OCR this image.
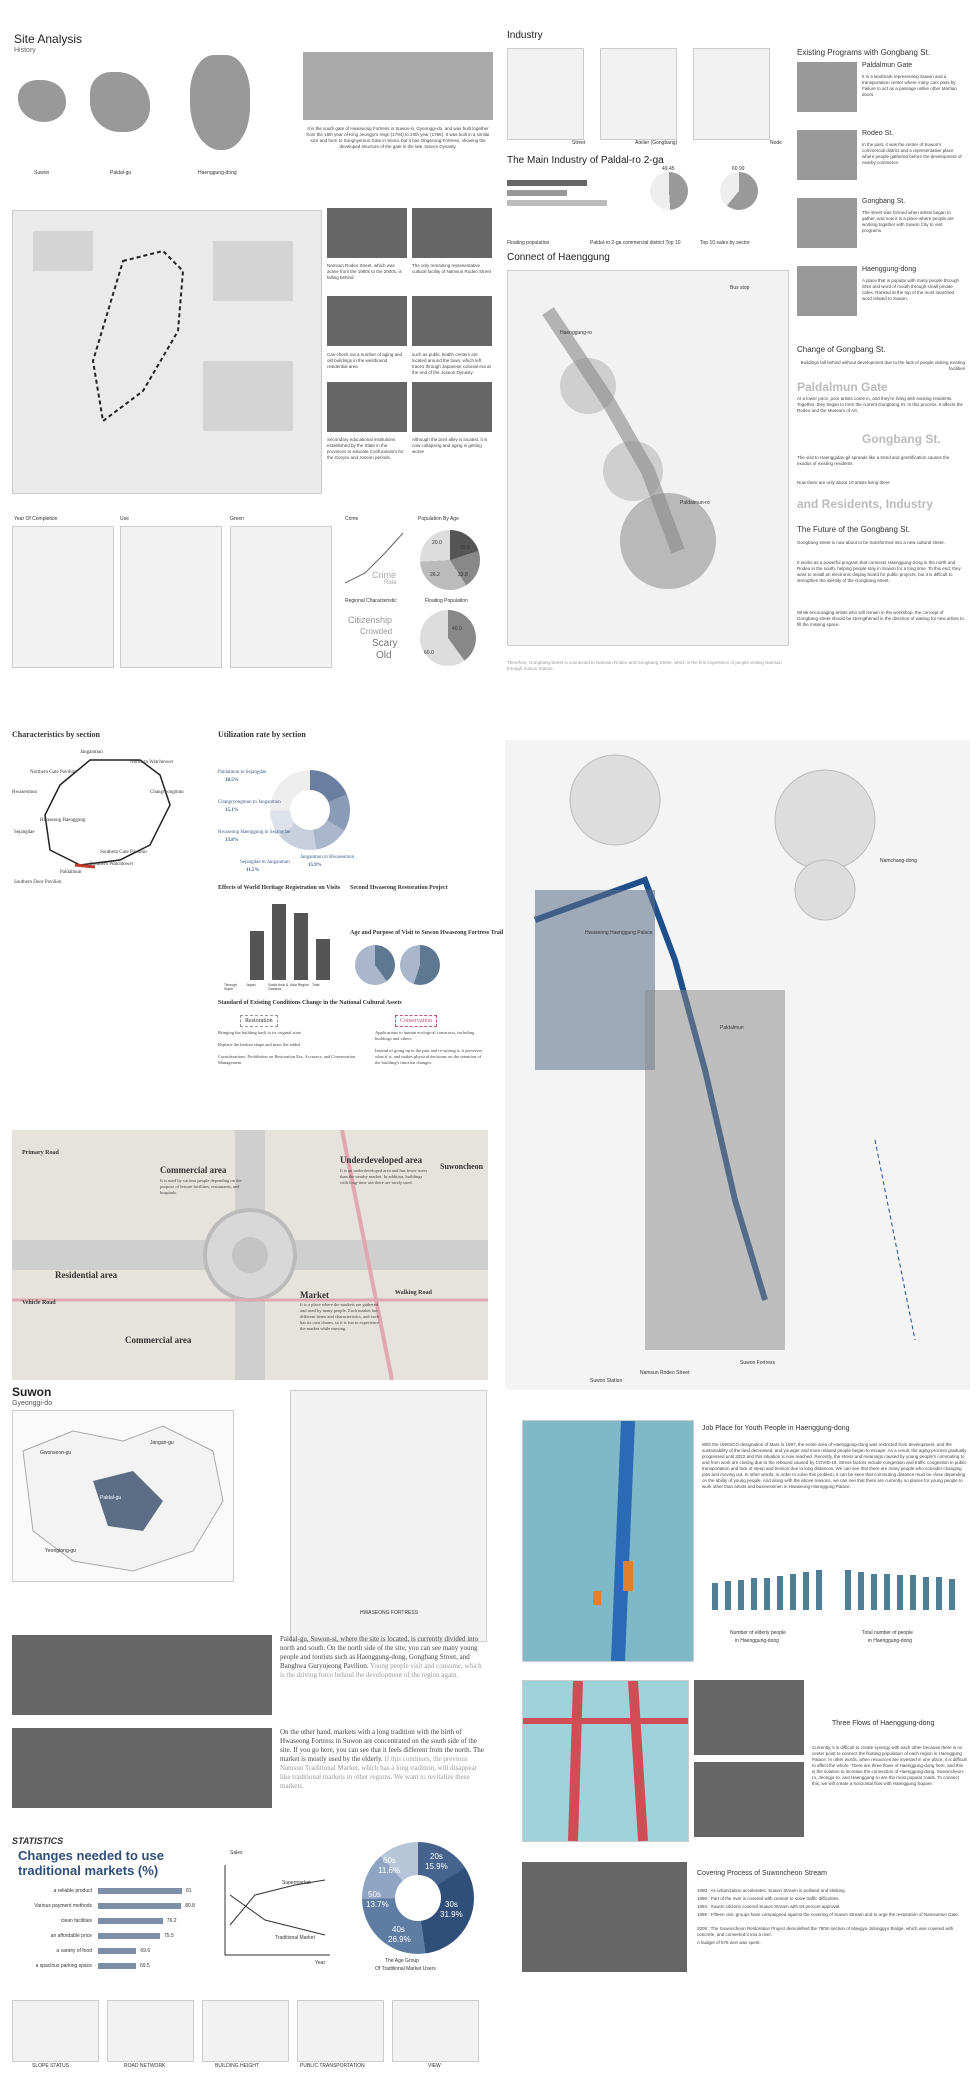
Site Analysis
History
Suwon	Paldal-gu	Haenggung-dong
It is the south gate of Hwaseong Fortress in Suwon-si, Gyeonggi-do, and was built together from the 18th year of King Jeongjo's reign (1794) to 20th year (1796). It was built in a similar size and form to Sungnyemun Gate in Seoul, but it has Ongseong Fortress, showing the developed structure of the gate in the late Joseon Dynasty.
Namsun Rodeo Street, which was active from the 1980s to the 2000s, is falling behind
The only remaining representative cultural facility of Namsun Rodeo Street
Can check out a number of aging and old buildings in the westbound residential area
such as public health centers are located around the town, which left traces through Japanese colonial era at the end of the Joseon Dynasty.
Secondary educational institutions established by the State in the provinces to educate Confucianism for the Goryeo and Joseon periods.
Although the print alley is located, it is now collapsing and aging is getting worse
Year Of Completion	Use	Green	Crime	Population By Age
Crime
Rate
20.0
20.9
32.8
26.2
Regional Characteristic
Citizenship
Crowded
Scary
Old
Floating Population
40.0
60.0
Industry
Street	Atelier (Gongbang)	Node
The Main Industry of Paldal-ro 2-ga
49.45	60.99
Floating population	Paldal-ro 2-ga commercial district Top 10	Top 10 sales by sector
Connect of Haenggung
Bus stop
Haenggung-ro
Paldalmun-ro
Therefore, Gongbang Street is connected to Namsun Rodeo and Gongbang Street, which is the first impression of people visiting Namsun through Suwon Station.
Existing Programs with Gongbang St.
Paldalmun Gate
It is a landmark representing Suwon and a transportation center where many cars pass by. Failure to act as a passage unlike other Martian doors.
Rodeo St.
In the past, it was the center of Suwon's commercial district and a representative place where people gathered before the development of nearby commerce.
Gongbang St.
The street was formed when artists began to gather, and now it is a place where people are working together with Suwon City to visit programs.
Haenggung-dong
A place that is popular with many people through SNS and word of mouth through small private cafes. Ranked at the top of the most searched word related to Suwon.
Change of Gongbang St.
Buildings fall behind without development due to the lack of people visiting existing facilities
Paldalmun Gate
At a lower price, poor artists come in, and they're living with existing residents. Together, they began to form the current Gongbang St. In this process, it affects the Rodeo and the Museum of Art.
Gongbang St.
The visit to Haenggidan-gil spreads like a trend and gentrification causes the exodus of existing residents
Now there are only about 10 artists living there
and Residents, Industry
The Future of the Gongbang St.
Gongbang street is now about to be transformed into a new cultural street.
It works as a powerful program that connects Haenggung-dong in the north and Rodeo in the south, helping people stay in Suwon for a long time. To this end, they want to install an electronic display board for public projects, but it is difficult to strengthen the identity of the Gongbang street.
While encouraging artists who still remain in the workshop, the concept of Gongbang street should be strengthened in the direction of waiting for new artists to fill the missing space.
Characteristics by section
Janganmun
Northern Gate Pavilion
Northern Watchtower
Hwaseomun	Changryongmun
Hwaseong Haenggung
Sejangdae
Southern Gate Pavilion
Southern Watchtower
Paldalmun
Southern Door Pavilion
Utilization rate by section
Paldalmun to Sejangdae
18.5%
Changryongmun to Janganmun
15.1%
Hwaseong Haenggung to Sejangdae
13.8%
Janganmun to Hwaseomun
15.9%
Sejangdae to Janganmun
11.5%
Effects of World Heritage Registration on Visits
Through Super
Japan	South Asia & Oceania
Asia Region Total
Second Hwaseong Restoration Project
Age and Purpose of Visit to Suwon Hwaseong Fortress Trail
Standard of Existing Conditions Change in the National Cultural Assets
Restoration	Conservation
Bringing the building back to its original state
Replace the broken shape and mass the added
Considerations: Prohibition on Restoration Era, Accuracy, and Conservation Management
Applications to human ecological constructs, including buildings and others
Instead of going up to the past and re-storing it, it preserves what it is, and makes physical decisions on the intention of the building's function changes.
Commercial area
It is used by various people depending on the purpose of leisure facilities, restaurants, and hospitals.
Underdeveloped area
It is an underdeveloped area and has fewer users than the nearby market. In addition, buildings with long-time use there are rarely used.
Suwoncheon
Residential area
Commercial area
Market
It is a place where the markets are gathered and used by many people. Each market has different items and characteristics, and each has its own charm, so it is fun to experience the market while moving.
Primary Road
Vehicle Road
Walking Road
Namchang-dong
Hwaseong Haenggung Palace
Paldalmun
Namsun Rodeo Street
Suwon Station
Suwon Fortress
Suwon
Gyeonggi-do
Paldal-gu
Gwonseon-gu
Jangan-gu
Yeongtong-gu
HWASEONG FORTRESS
Paldal-gu, Suwon-si, where the site is located, is currently divided into north and south. On the north side of the site, you can see many young people and tourists such as Haenggung-dong, Gongbang Street, and Banghwa Guryujeong Pavilion. Young people visit and consume, which is the driving force behind the development of the region again.
On the other hand, markets with a long tradition with the birth of Hwaseong Fortress in Suwon are concentrated on the south side of the site. If you go here, you can see that it feels different from the north. The market is mostly used by the elderly. If this continues, the previous Namsun Traditional Market, which has a long tradition, will disappear like traditional markets in other regions. We want to revitalize these markets.
STATISTICS
Changes needed to use traditional markets (%)
a reliable product	81
Various payment methods	80.8
clean facilities	76.2
an affordable price	75.5
a variety of food	69.6
a spacious parking space	69.5
Sales
Supermarket
Traditional Market
Year
20s
15.9%
30s
31.9%
40s
26.9%
50s
13.7%
60s
11.6%
The Age Group
Of Traditional Market Users
SLOPE STATUS	ROAD NETWORK	BUILDING HEIGHT	PUBLIC TRANSPORTATION	VIEW
Job Place for Youth People in Haenggung-dong
With the UNESCO designation of Mars in 1997, the entire area of Haenggung-dong was restricted from development, and the sustainability of the land decreased, and younger and more relaxed people began to escape. As a result, the aging process gradually progressed until 2022 and this situation is now reached. Recently, the stress and meanings caused by young people's commuting to and from work are closing due to the rebound caused by COVID-19. Stress factors include congestion and traffic congestion in public transportation and lack of steep and tension due to long distances. We can see that there are many people who consider changing jobs and moving out. In other words, in order to solve this problem, it can be seen that commuting distance must be close depending on the ability of young people. And along with the above reasons, we can see that there are currently no places for young people to work other than artists and businessmen in Hwaseong Haenggung Palace.
Number of elderly people
in Haenggung-dong
Total number of people
in Haenggung-dong
Three Flows of Haenggung-dong
Currently, it is difficult to create synergy with each other because there is no center point to connect the floating population of each region in Haenggung Palace. In other words, when resources are invested in one place, it is difficult to affect the whole. There are three flows of Haenggung-dong here, and this is the solution to increase the connection of Haenggung-dong. Suwoncheon-ro, Jeongjo-ro, and Haenggung-ro are the most popular roads. To connect this, we will create a horizontal flow with Haenggung Square.
Covering Process of Suwoncheon Stream
1980 : As urbanization accelerates, Suwon Stream is polluted and stinking.
1990 : Part of the river is covered with cement to solve traffic difficulties.
1994 : Suwon citizens covered Suwon Stream with 84 percent approval.
1995 : Fifteen civic groups have campaigned against the covering of Suwon Stream and to urge the restoration of Namsumun Gate.
2009 : The Suwoncheon Restoration Project demolished the 780m section of Maegyo-Jidonggyo Bridge, which was covered with concrete, and converted it into a river.
A budget of 676 won was spent.
